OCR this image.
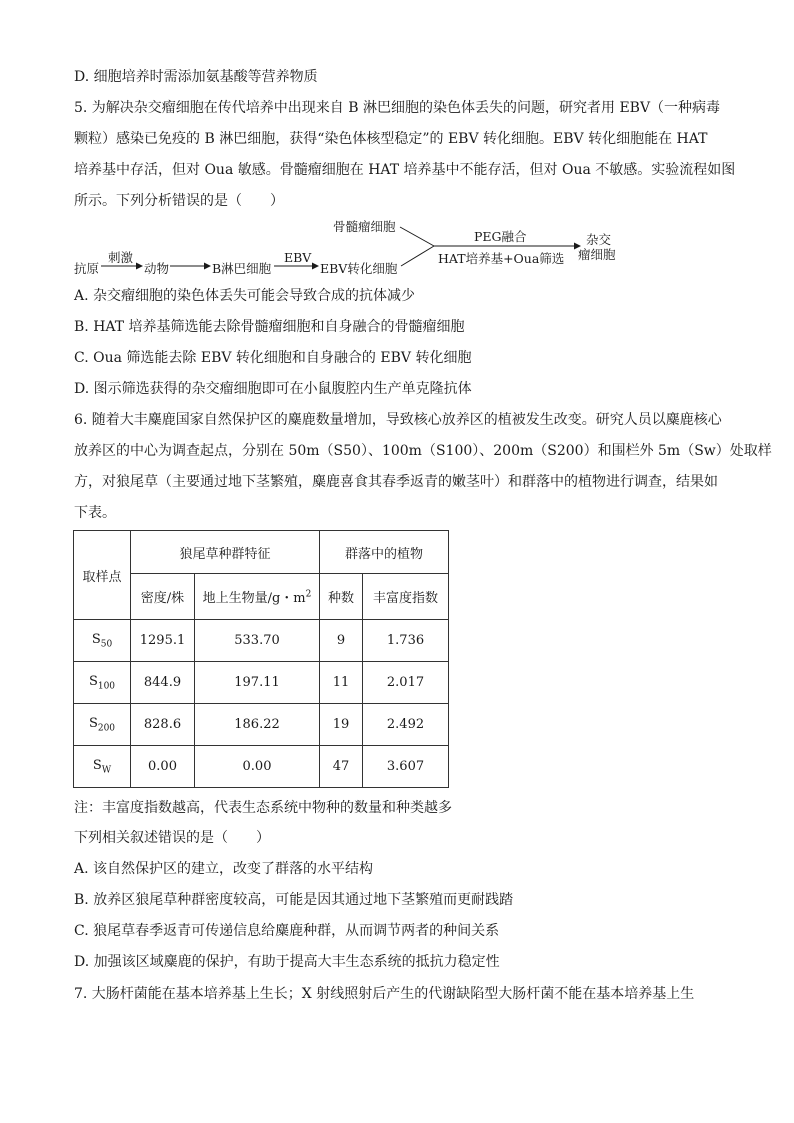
D. 细胞培养时需添加氨基酸等营养物质
5. 为解决杂交瘤细胞在传代培养中出现来自 B 淋巴细胞的染色体丢失的问题，研究者用 EBV（一种病毒
颗粒）感染已免疫的 B 淋巴细胞，获得“染色体核型稳定”的 EBV 转化细胞。EBV 转化细胞能在 HAT
培养基中存活，但对 Oua 敏感。骨髓瘤细胞在 HAT 培养基中不能存活，但对 Oua 不敏感。实验流程如图
所示。下列分析错误的是（　　）
抗原
刺激
动物	B淋巴细胞
EBV
EBV转化细胞
骨髓瘤细胞
PEG融合
HAT培养基+Oua筛选
杂交
瘤细胞
A. 杂交瘤细胞的染色体丢失可能会导致合成的抗体减少
B. HAT 培养基筛选能去除骨髓瘤细胞和自身融合的骨髓瘤细胞
C. Oua 筛选能去除 EBV 转化细胞和自身融合的 EBV 转化细胞
D. 图示筛选获得的杂交瘤细胞即可在小鼠腹腔内生产单克隆抗体
6. 随着大丰麋鹿国家自然保护区的麋鹿数量增加，导致核心放养区的植被发生改变。研究人员以麋鹿核心
放养区的中心为调查起点，分别在 50m（S50）、100m（S100）、200m（S200）和围栏外 5m（Sw）处取样
方，对狼尾草（主要通过地下茎繁殖，麋鹿喜食其春季返青的嫩茎叶）和群落中的植物进行调查，结果如
下表。
取样点	狼尾草种群特征		群落中的植物	
	密度/株	地上生物量/g・$m^2$	种数	丰富度指数
$S_{50}$	1295.1	533.70	9	1.736
$S_{100}$	844.9	197.11	11	2.017
$S_{200}$	828.6	186.22	19	2.492
$S_W$	0.00	0.00	47	3.607
注：丰富度指数越高，代表生态系统中物种的数量和种类越多
下列相关叙述错误的是（　　）
A. 该自然保护区的建立，改变了群落的水平结构
B. 放养区狼尾草种群密度较高，可能是因其通过地下茎繁殖而更耐践踏
C. 狼尾草春季返青可传递信息给麋鹿种群，从而调节两者的种间关系
D. 加强该区域麋鹿的保护，有助于提高大丰生态系统的抵抗力稳定性
7. 大肠杆菌能在基本培养基上生长；X 射线照射后产生的代谢缺陷型大肠杆菌不能在基本培养基上生
